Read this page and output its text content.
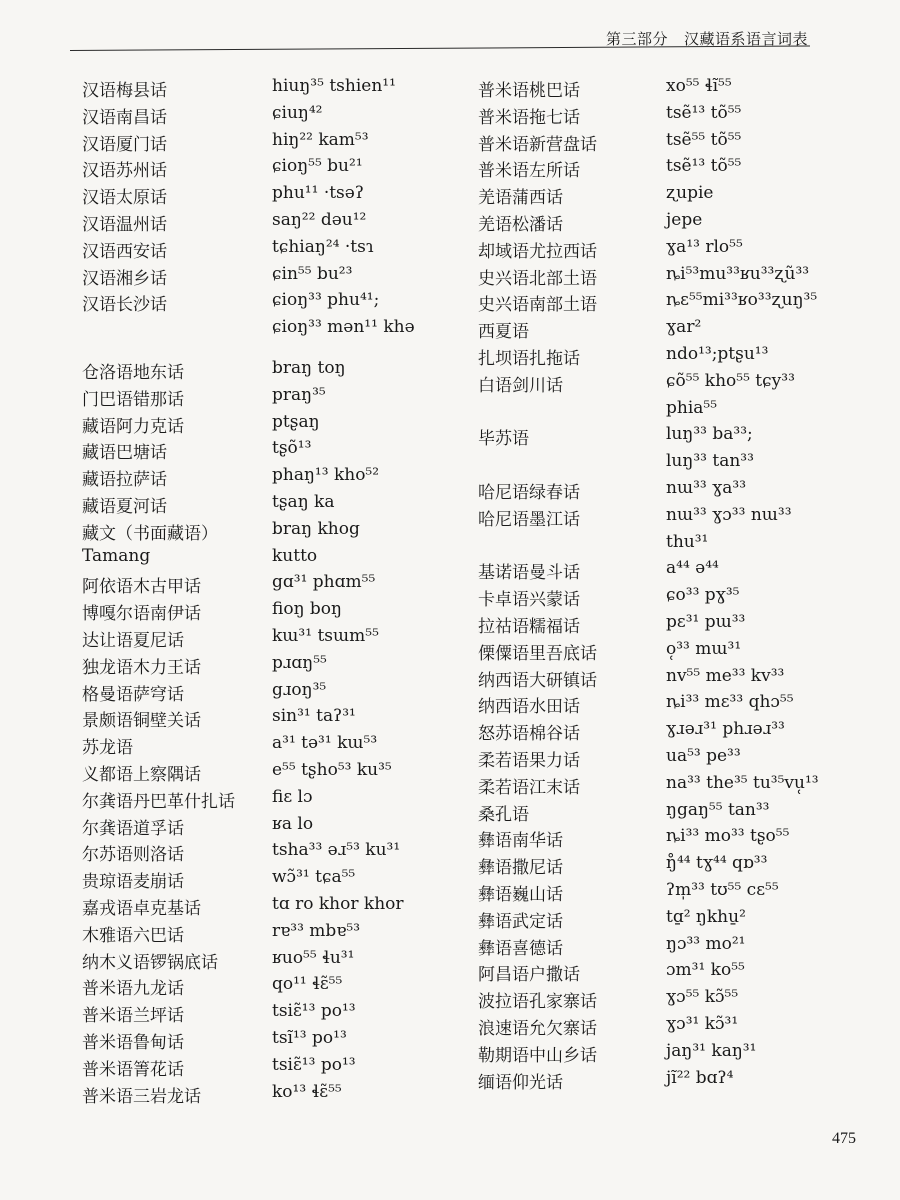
第三部分 汉藏语系语言词表
汉语梅县话	hiuŋ³⁵ tshien¹¹
汉语南昌话	ɕiuŋ⁴²
汉语厦门话	hiŋ²² kam⁵³
汉语苏州话	ɕioŋ⁵⁵ bu²¹
汉语太原话	phu¹¹ ·tsəʔ
汉语温州话	saŋ²² dəu¹²
汉语西安话	tɕhiaŋ²⁴ ·tsɿ
汉语湘乡话	ɕin⁵⁵ bu²³
汉语长沙话	ɕioŋ³³ phu⁴¹;
ɕioŋ³³ mən¹¹ khə
仓洛语地东话	braŋ toŋ
门巴语错那话	praŋ³⁵
藏语阿力克话	ptʂaŋ
藏语巴塘话	tʂõ¹³
藏语拉萨话	phaŋ¹³ kho⁵²
藏语夏河话	tʂaŋ ka
藏文（书面藏语）	braŋ khog
Tamang	kutto
阿依语木古甲话	gɑ³¹ phɑm⁵⁵
博嘎尔语南伊话	fioŋ boŋ
达让语夏尼话	kɯ³¹ tsɯm⁵⁵
独龙语木力王话	pɹɑŋ⁵⁵
格曼语萨穹话	gɹoŋ³⁵
景颇语铜壁关话	sin³¹ taʔ³¹
苏龙语	a³¹ tə³¹ kɯ⁵³
义都语上察隅话	e⁵⁵ tʂho⁵³ ku³⁵
尔龚语丹巴革什扎话 fiɛ lɔ
尔龚语道孚话	ʁa lo
尔苏语则洛话	tsha³³ əɹ⁵³ ku³¹
贵琼语麦崩话	wɔ̃³¹ tɕa⁵⁵
嘉戎语卓克基话	tɑ ro khor khor
木雅语六巴话	rɐ³³ mbɐ⁵³
纳木义语锣锅底话	ʁuo⁵⁵ ɬu³¹
普米语九龙话	qo¹¹ ɬɛ̃⁵⁵
普米语兰坪话	tsiɛ̃¹³ po¹³
普米语鲁甸话	tsĩ¹³ po¹³
普米语箐花话	tsiɛ̃¹³ po¹³
普米语三岩龙话	ko¹³ ɬɛ̃⁵⁵
普米语桃巴话	xo⁵⁵ ɬĩ⁵⁵
普米语拖七话	tsẽ¹³ tõ⁵⁵
普米语新营盘话	tsẽ⁵⁵ tõ⁵⁵
普米语左所话	tsẽ¹³ tõ⁵⁵
羌语蒲西话	ʐupie
羌语松潘话	jepe
却域语尤拉西话	ɣa¹³ rlo⁵⁵
史兴语北部土语	ȵi⁵³mu³³ʁu³³ʐũ³³
史兴语南部土语	ȵɛ⁵⁵mi³³ʁo³³ʐuŋ³⁵
西夏语	ɣar²
扎坝语扎拖话	ndo¹³;ptʂu¹³
白语剑川话	ɕõ⁵⁵ kho⁵⁵ tɕy³³
phia⁵⁵
毕苏语	luŋ³³ ba³³;
luŋ³³ tan³³
哈尼语绿春话	nɯ³³ ɣa³³
哈尼语墨江话	nɯ³³ ɣɔ³³ nɯ³³
thu³¹
基诺语曼斗话	a⁴⁴ ə⁴⁴
卡卓语兴蒙话	ɕo³³ pɣ³⁵
拉祜语糯福话	pɛ³¹ pɯ³³
傈僳语里吾底话	o̜³³ mɯ³¹
纳西语大研镇话	nv⁵⁵ me³³ kv³³
纳西语水田话	ȵi³³ mɛ³³ qhɔ⁵⁵
怒苏语棉谷话	ɣɹəɹ³¹ phɹəɹ³³
柔若语果力话	ua⁵³ pe³³
柔若语江末话	na³³ the³⁵ tu³⁵vu̜¹³
桑孔语	ŋgaŋ⁵⁵ tan³³
彝语南华话	ȵi³³ mo³³ tʂo⁵⁵
彝语撒尼话	ŋ̊⁴⁴ tɣ⁴⁴ qɒ³³
彝语巍山话	ʔm̩³³ tʊ⁵⁵ cɛ⁵⁵
彝语武定话	tɑ̱² ŋkhu̱²
彝语喜德话	ŋɔ³³ mo²¹
阿昌语户撒话	ɔm³¹ ko⁵⁵
波拉语孔家寨话	ɣɔ⁵⁵ kɔ̃⁵⁵
浪速语允欠寨话	ɣɔ³¹ kɔ̃³¹
勒期语中山乡话	jaŋ³¹ kaŋ³¹
缅语仰光话	jĩ²² bɑʔ⁴
475
